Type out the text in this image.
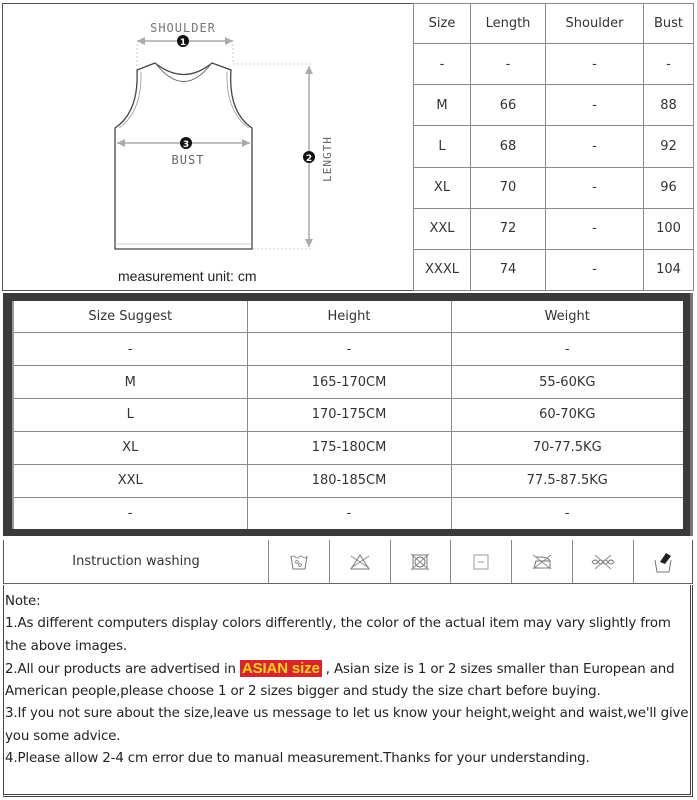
1
SHOULDER
3
BUST	2 LENGTH
measurement unit: cm
Size	Length	Shoulder	Bust
-	-	-	-
M	66	-	88
L	68	-	92
XL	70	-	96
XXL	72	-	100
XXXL	74	-	104
Size Suggest	Height	Weight
-	-	-
M	165-170CM	55-60KG
L	170-175CM	60-70KG
XL	175-180CM	70-77.5KG
XXL	180-185CM	77.5-87.5KG
-	-	-
Instruction washing
Note:
1.As different computers display colors differently, the color of the actual item may vary slightly from the above images.
2.All our products are advertised in ASIAN size , Asian size is 1 or 2 sizes smaller than European and
American people,please choose 1 or 2 sizes bigger and study the size chart before buying.
3.If you not sure about the size,leave us message to let us know your height,weight and waist,we'll give you some advice.
4.Please allow 2-4 cm error due to manual measurement.Thanks for your understanding.
